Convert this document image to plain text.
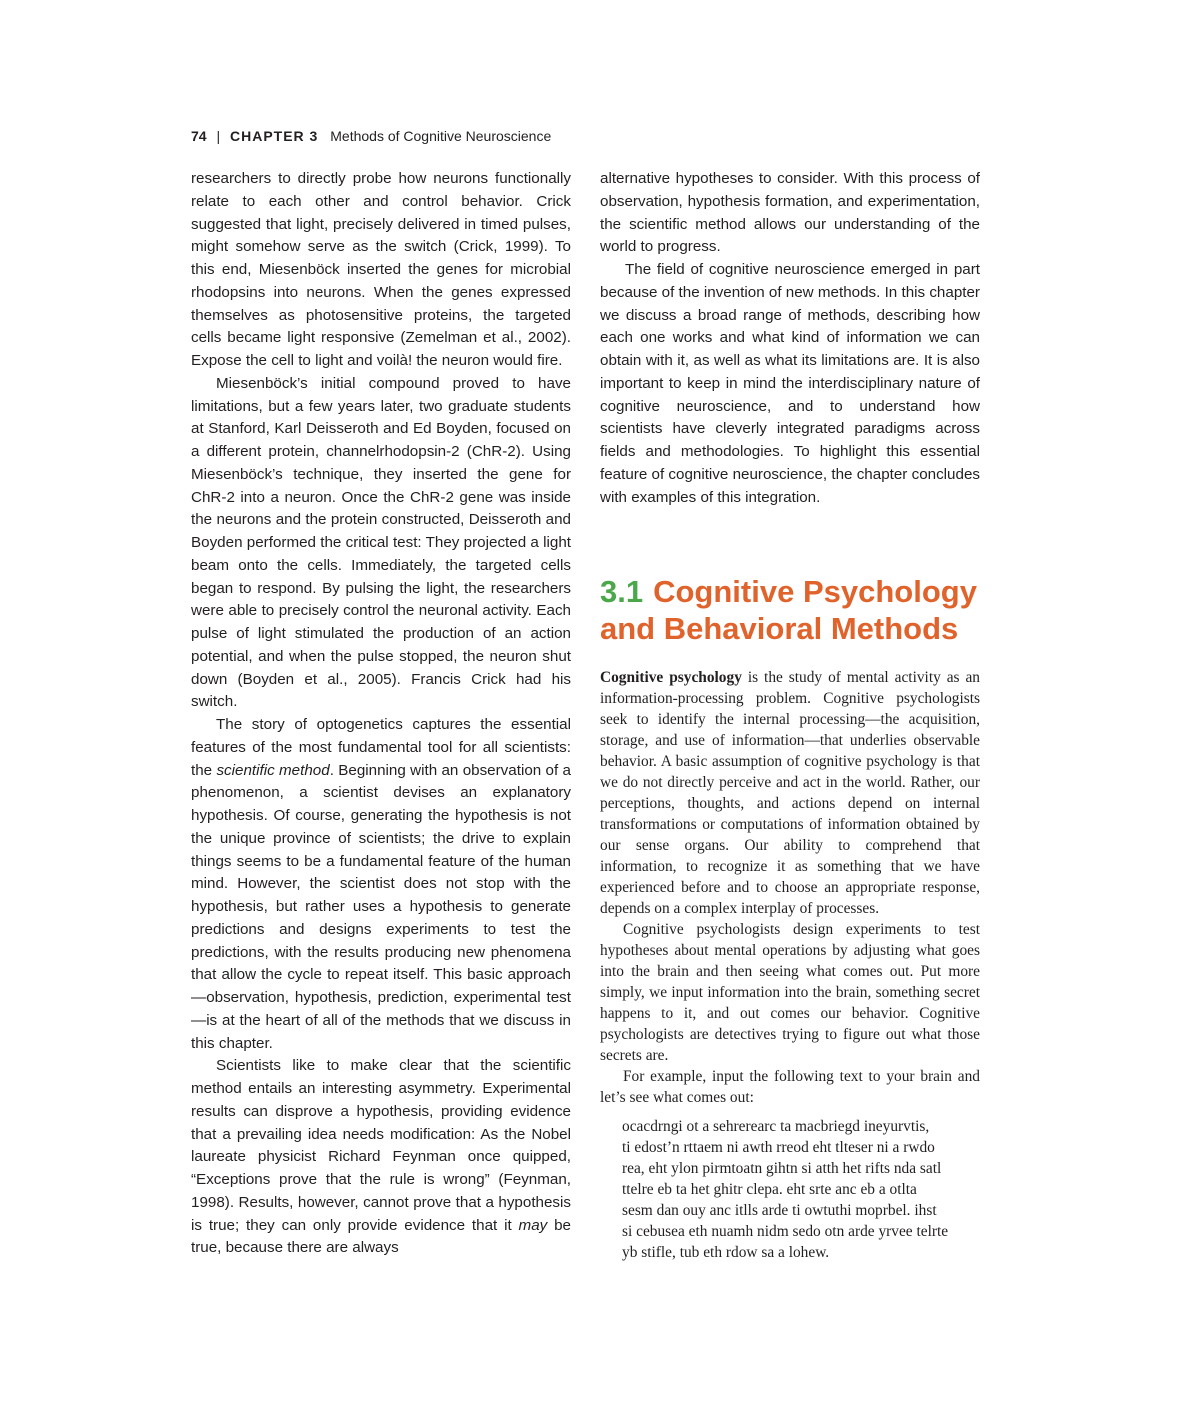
74 | CHAPTER 3 Methods of Cognitive Neuroscience

researchers to directly probe how neurons functionally relate to each other and control behavior. Crick suggested that light, precisely delivered in timed pulses, might somehow serve as the switch (Crick, 1999). To this end, Miesenböck inserted the genes for microbial rhodopsins into neurons. When the genes expressed themselves as photosensitive proteins, the targeted cells became light responsive (Zemelman et al., 2002). Expose the cell to light and voilà! the neuron would fire.

Miesenböck’s initial compound proved to have limitations, but a few years later, two graduate students at Stanford, Karl Deisseroth and Ed Boyden, focused on a different protein, channelrhodopsin-2 (ChR-2). Using Miesenböck’s technique, they inserted the gene for ChR-2 into a neuron. Once the ChR-2 gene was inside the neurons and the protein constructed, Deisseroth and Boyden performed the critical test: They projected a light beam onto the cells. Immediately, the targeted cells began to respond. By pulsing the light, the researchers were able to precisely control the neuronal activity. Each pulse of light stimulated the production of an action potential, and when the pulse stopped, the neuron shut down (Boyden et al., 2005). Francis Crick had his switch.

The story of optogenetics captures the essential features of the most fundamental tool for all scientists: the scientific method. Beginning with an observation of a phenomenon, a scientist devises an explanatory hypothesis. Of course, generating the hypothesis is not the unique province of scientists; the drive to explain things seems to be a fundamental feature of the human mind. However, the scientist does not stop with the hypothesis, but rather uses a hypothesis to generate predictions and designs experiments to test the predictions, with the results producing new phenomena that allow the cycle to repeat itself. This basic approach—observation, hypothesis, prediction, experimental test—is at the heart of all of the methods that we discuss in this chapter.

Scientists like to make clear that the scientific method entails an interesting asymmetry. Experimental results can disprove a hypothesis, providing evidence that a prevailing idea needs modification: As the Nobel laureate physicist Richard Feynman once quipped, “Exceptions prove that the rule is wrong” (Feynman, 1998). Results, however, cannot prove that a hypothesis is true; they can only provide evidence that it may be true, because there are always

alternative hypotheses to consider. With this process of observation, hypothesis formation, and experimentation, the scientific method allows our understanding of the world to progress.

The field of cognitive neuroscience emerged in part because of the invention of new methods. In this chapter we discuss a broad range of methods, describing how each one works and what kind of information we can obtain with it, as well as what its limitations are. It is also important to keep in mind the interdisciplinary nature of cognitive neuroscience, and to understand how scientists have cleverly integrated paradigms across fields and methodologies. To highlight this essential feature of cognitive neuroscience, the chapter concludes with examples of this integration.

3.1 Cognitive Psychology and Behavioral Methods

Cognitive psychology is the study of mental activity as an information-processing problem. Cognitive psychologists seek to identify the internal processing—the acquisition, storage, and use of information—that underlies observable behavior. A basic assumption of cognitive psychology is that we do not directly perceive and act in the world. Rather, our perceptions, thoughts, and actions depend on internal transformations or computations of information obtained by our sense organs. Our ability to comprehend that information, to recognize it as something that we have experienced before and to choose an appropriate response, depends on a complex interplay of processes.

Cognitive psychologists design experiments to test hypotheses about mental operations by adjusting what goes into the brain and then seeing what comes out. Put more simply, we input information into the brain, something secret happens to it, and out comes our behavior. Cognitive psychologists are detectives trying to figure out what those secrets are.

For example, input the following text to your brain and let’s see what comes out:

ocacdrngi ot a sehrerearc ta macbriegd ineyurvtis,
ti edost’n rttaem ni awth rreod eht tlteser ni a rwdo
rea, eht ylon pirmtoatn gihtn si atth het rifts nda satl
ttelre eb ta het ghitr clepa. eht srte anc eb a otlta
sesm dan ouy anc itlls arde ti owtuthi moprbel. ihst
si cebusea eth nuamh nidm sedo otn arde yrvee telrte
yb stifle, tub eth rdow sa a lohew.
